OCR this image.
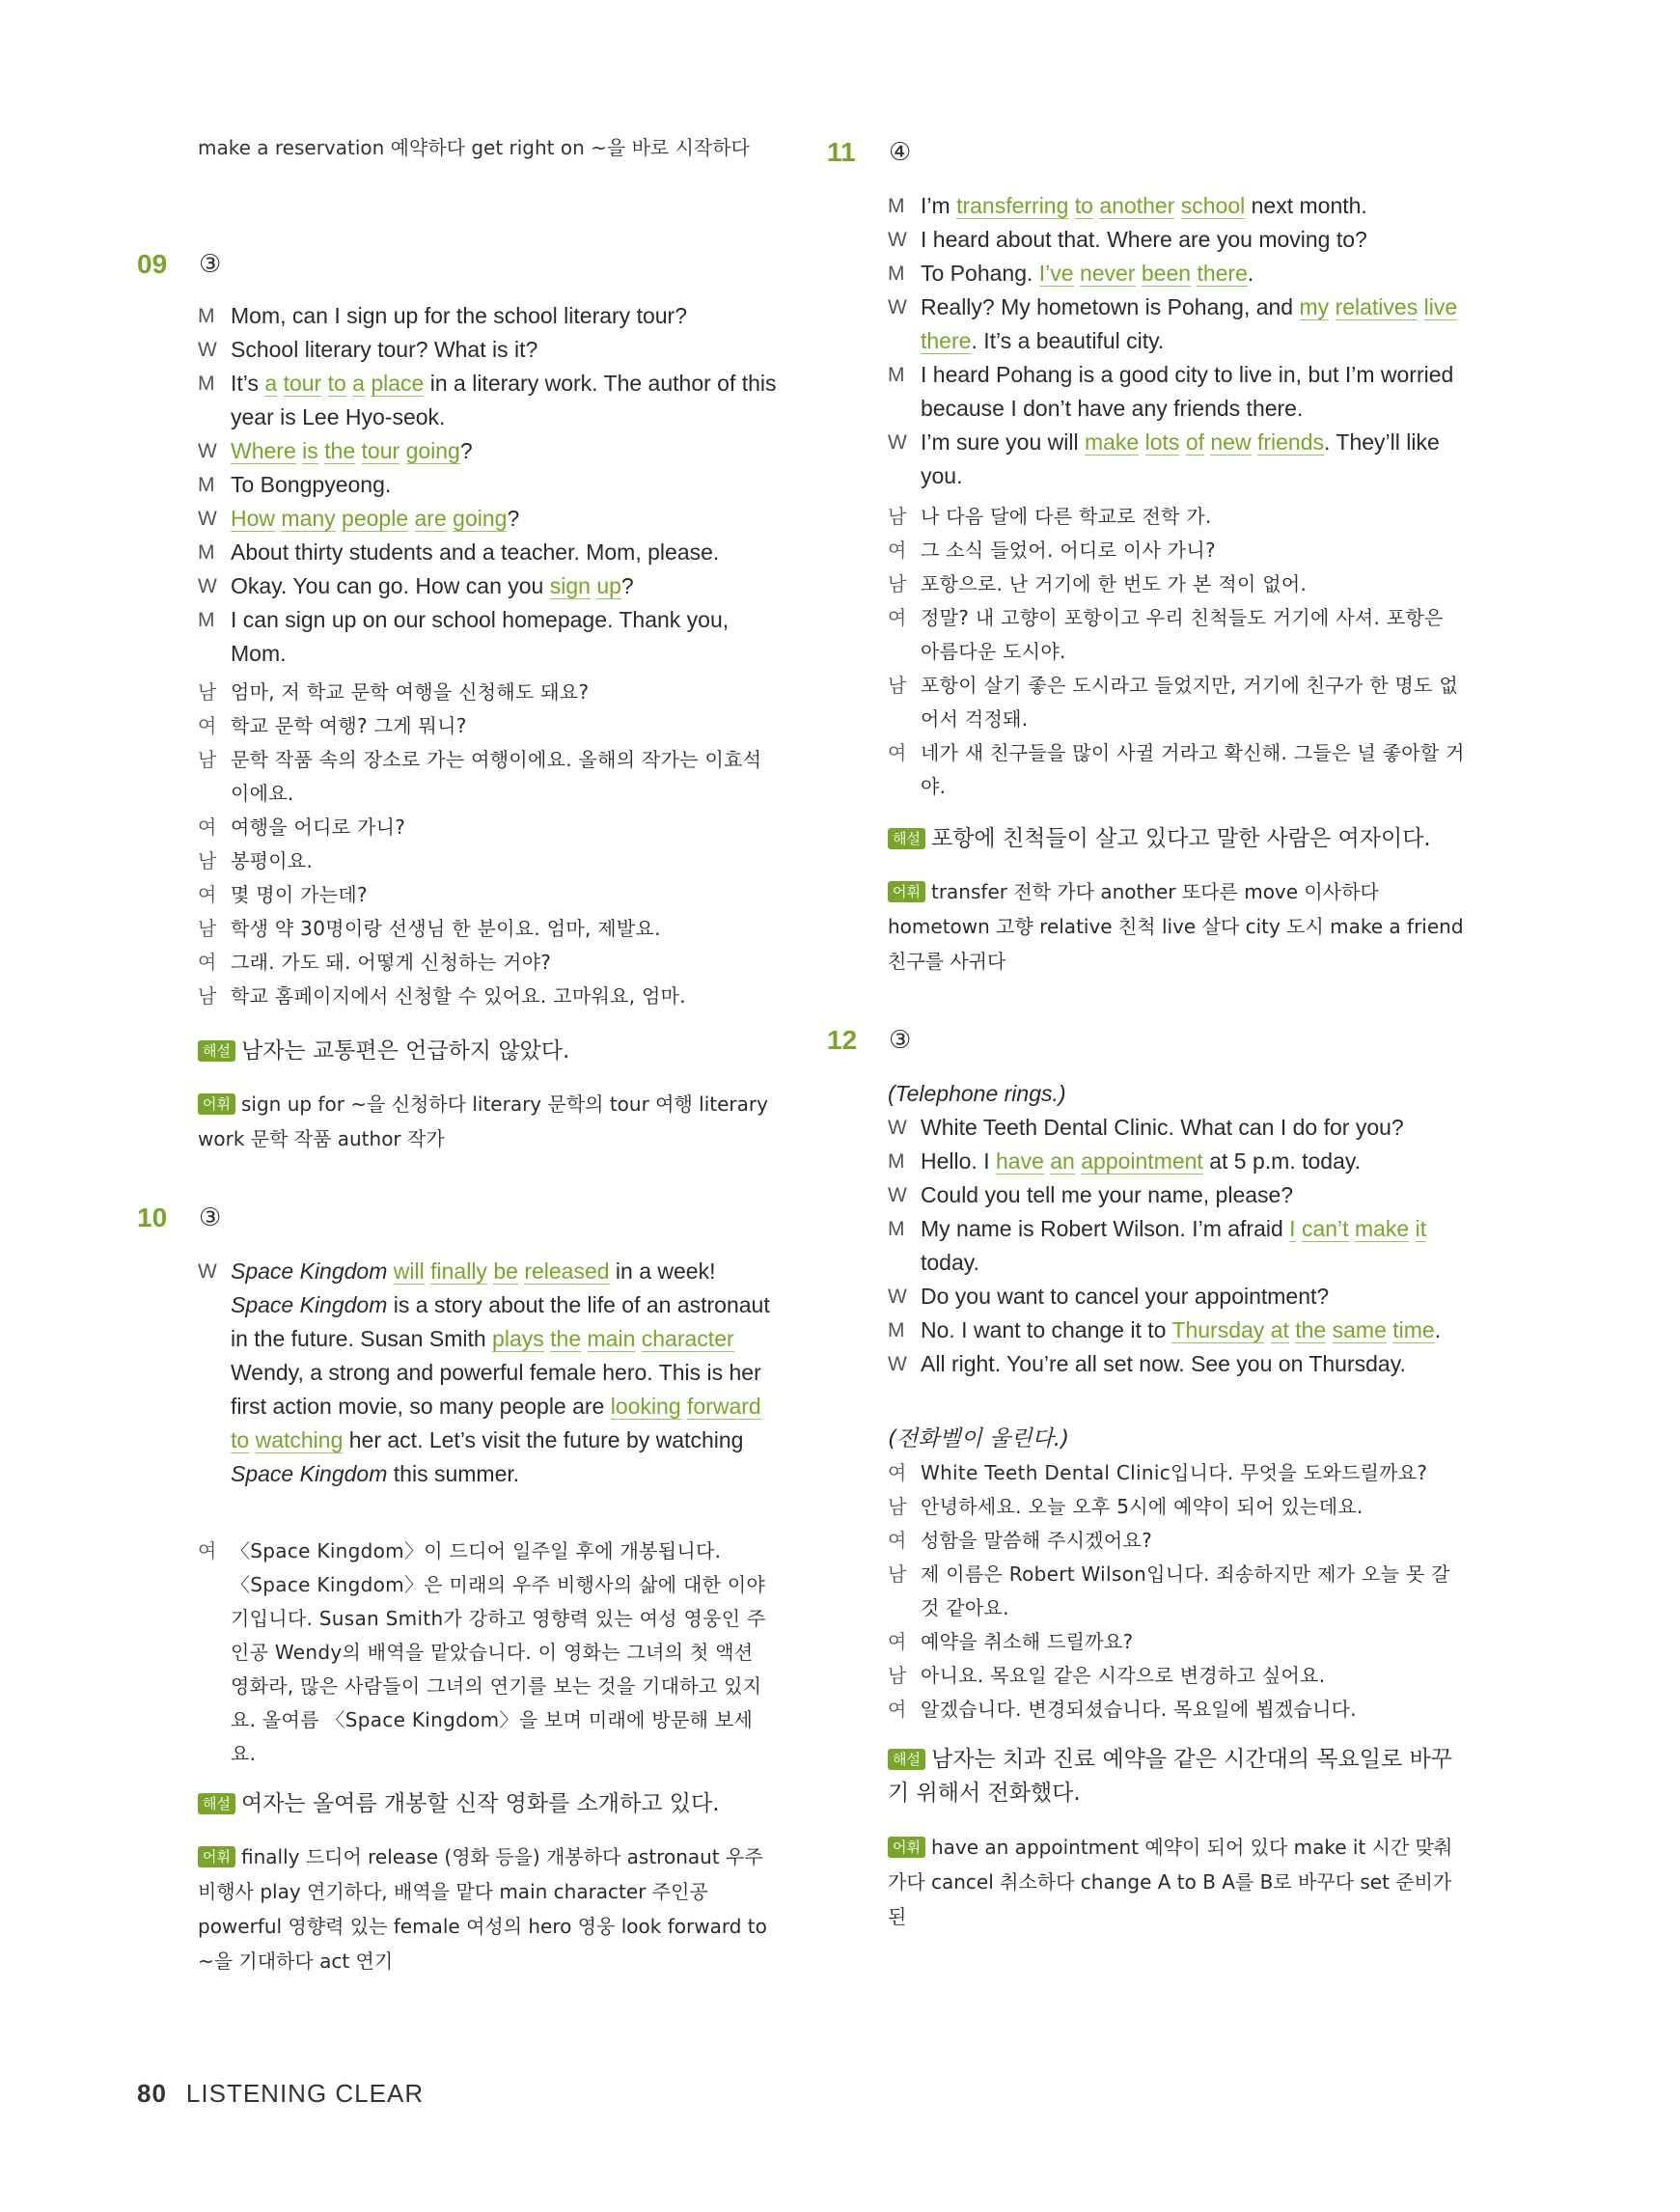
make a reservation 예약하다 get right on ~을 바로 시작하다
09 ③
M Mom, can I sign up for the school literary tour?
W School literary tour? What is it?
M It’s a tour to a place in a literary work. The author of this year is Lee Hyo-seok.
W Where is the tour going?
M To Bongpyeong.
W How many people are going?
M About thirty students and a teacher. Mom, please.
W Okay. You can go. How can you sign up?
M I can sign up on our school homepage. Thank you, Mom.
남 엄마, 저 학교 문학 여행을 신청해도 돼요?
여 학교 문학 여행? 그게 뭐니?
남 문학 작품 속의 장소로 가는 여행이에요. 올해의 작가는 이효석이에요.
여 여행을 어디로 가니?
남 봉평이요.
여 몇 명이 가는데?
남 학생 약 30명이랑 선생님 한 분이요. 엄마, 제발요.
여 그래. 가도 돼. 어떻게 신청하는 거야?
남 학교 홈페이지에서 신청할 수 있어요. 고마워요, 엄마.
해설 남자는 교통편은 언급하지 않았다.
어휘 sign up for ~을 신청하다 literary 문학의 tour 여행 literary work 문학 작품 author 작가
10 ③
W Space Kingdom will finally be released in a week! Space Kingdom is a story about the life of an astronaut in the future. Susan Smith plays the main character Wendy, a strong and powerful female hero. This is her first action movie, so many people are looking forward to watching her act. Let’s visit the future by watching Space Kingdom this summer.
여 〈Space Kingdom〉이 드디어 일주일 후에 개봉됩니다. 〈Space Kingdom〉은 미래의 우주 비행사의 삶에 대한 이야기입니다. Susan Smith가 강하고 영향력 있는 여성 영웅인 주인공 Wendy의 배역을 맡았습니다. 이 영화는 그녀의 첫 액션 영화라, 많은 사람들이 그녀의 연기를 보는 것을 기대하고 있지요. 올여름 〈Space Kingdom〉을 보며 미래에 방문해 보세요.
해설 여자는 올여름 개봉할 신작 영화를 소개하고 있다.
어휘 finally 드디어 release (영화 등을) 개봉하다 astronaut 우주 비행사 play 연기하다, 배역을 맡다 main character 주인공 powerful 영향력 있는 female 여성의 hero 영웅 look forward to ~을 기대하다 act 연기
11 ④
M I’m transferring to another school next month.
W I heard about that. Where are you moving to?
M To Pohang. I’ve never been there.
W Really? My hometown is Pohang, and my relatives live there. It’s a beautiful city.
M I heard Pohang is a good city to live in, but I’m worried because I don’t have any friends there.
W I’m sure you will make lots of new friends. They’ll like you.
남 나 다음 달에 다른 학교로 전학 가.
여 그 소식 들었어. 어디로 이사 가니?
남 포항으로. 난 거기에 한 번도 가 본 적이 없어.
여 정말? 내 고향이 포항이고 우리 친척들도 거기에 사셔. 포항은 아름다운 도시야.
남 포항이 살기 좋은 도시라고 들었지만, 거기에 친구가 한 명도 없어서 걱정돼.
여 네가 새 친구들을 많이 사귈 거라고 확신해. 그들은 널 좋아할 거야.
해설 포항에 친척들이 살고 있다고 말한 사람은 여자이다.
어휘 transfer 전학 가다 another 또다른 move 이사하다 hometown 고향 relative 친척 live 살다 city 도시 make a friend 친구를 사귀다
12 ③
(Telephone rings.)
W White Teeth Dental Clinic. What can I do for you?
M Hello. I have an appointment at 5 p.m. today.
W Could you tell me your name, please?
M My name is Robert Wilson. I’m afraid I can’t make it today.
W Do you want to cancel your appointment?
M No. I want to change it to Thursday at the same time.
W All right. You’re all set now. See you on Thursday.
(전화벨이 울린다.)
여 White Teeth Dental Clinic입니다. 무엇을 도와드릴까요?
남 안녕하세요. 오늘 오후 5시에 예약이 되어 있는데요.
여 성함을 말씀해 주시겠어요?
남 제 이름은 Robert Wilson입니다. 죄송하지만 제가 오늘 못 갈 것 같아요.
여 예약을 취소해 드릴까요?
남 아니요. 목요일 같은 시각으로 변경하고 싶어요.
여 알겠습니다. 변경되셨습니다. 목요일에 뵙겠습니다.
해설 남자는 치과 진료 예약을 같은 시간대의 목요일로 바꾸기 위해서 전화했다.
어휘 have an appointment 예약이 되어 있다 make it 시간 맞춰 가다 cancel 취소하다 change A to B A를 B로 바꾸다 set 준비가 된
80 LISTENING CLEAR
